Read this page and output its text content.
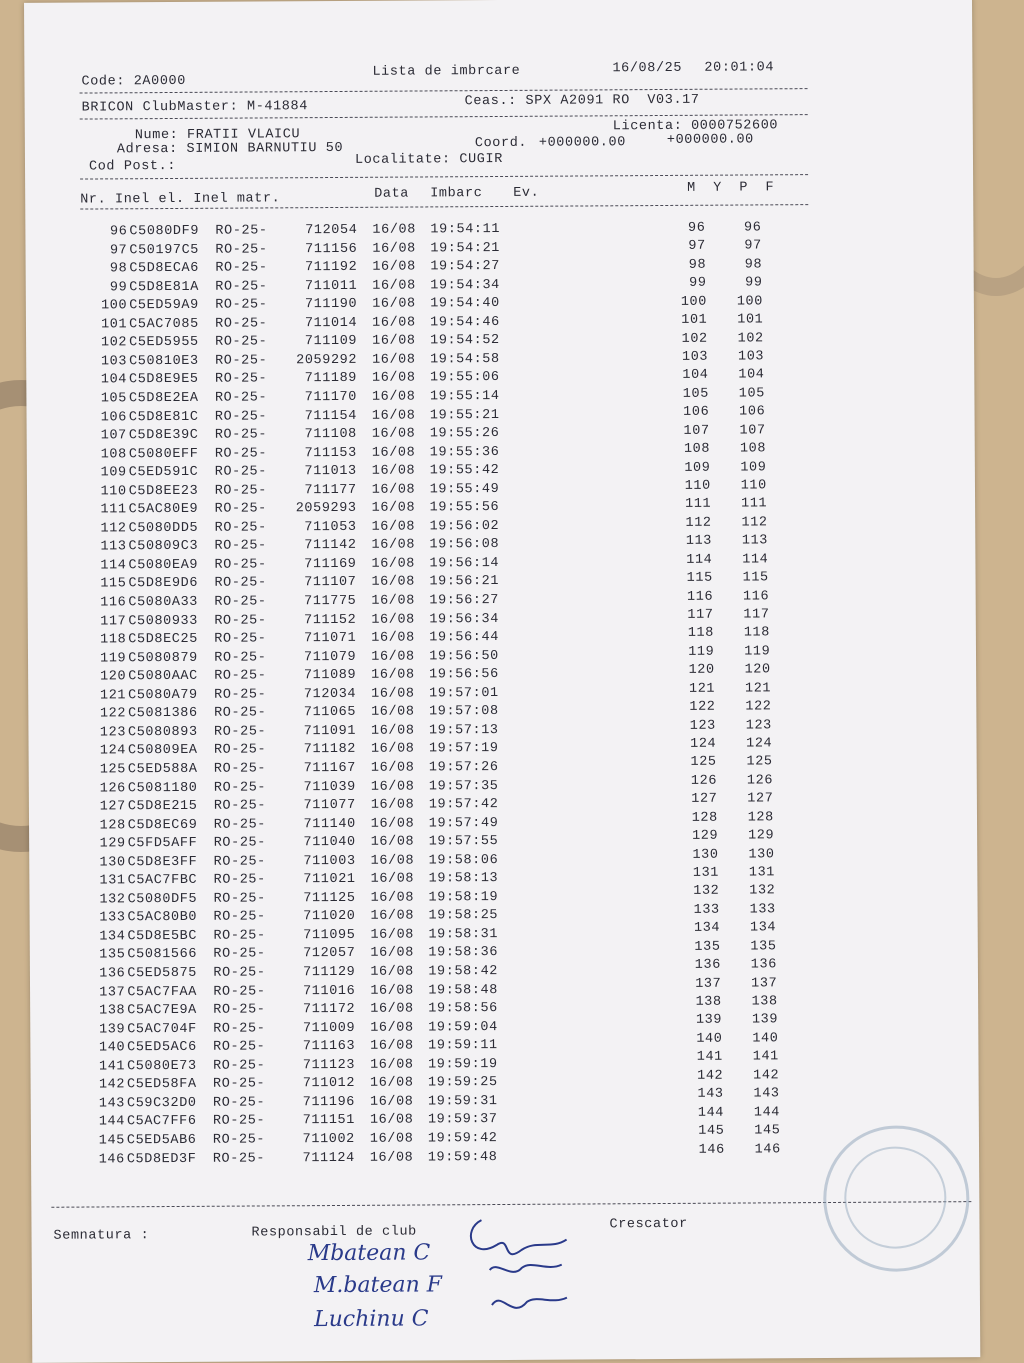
Code: 2A0000
Lista de imbrcare	16/08/25 20:01:04
BRICON ClubMaster: M-41884	Ceas.: SPX A2091 RO  V03.17
Nume: FRATII VLAICU
Licenta: 0000752600
Adresa: SIMION BARNUTIU 50	Coord. +000000.00	+000000.00
Cod Post.:	Localitate: CUGIR
Nr. Inel el. Inel matr.	Data Imbarc Ev.	M  Y  P  F
96 C5080DF9 RO-25-	712054 16/08 19:54:11	96	96
97 C50197C5 RO-25-	711156 16/08 19:54:21	97	97
98 C5D8ECA6 RO-25-	711192 16/08 19:54:27	98	98
99 C5D8E81A RO-25-	711011 16/08 19:54:34	99	99
100 C5ED59A9 RO-25-	711190 16/08 19:54:40	100	100
101 C5AC7085 RO-25-	711014 16/08 19:54:46	101	101
102 C5ED5955 RO-25-	711109 16/08 19:54:52	102	102
103 C50810E3 RO-25-	2059292 16/08 19:54:58	103	103
104 C5D8E9E5 RO-25-	711189 16/08 19:55:06	104	104
105 C5D8E2EA RO-25-	711170 16/08 19:55:14	105	105
106 C5D8E81C RO-25-	711154 16/08 19:55:21	106	106
107 C5D8E39C RO-25-	711108 16/08 19:55:26	107	107
108 C5080EFF RO-25-	711153 16/08 19:55:36	108	108
109 C5ED591C RO-25-	711013 16/08 19:55:42	109	109
110 C5D8EE23 RO-25-	711177 16/08 19:55:49	110	110
111 C5AC80E9 RO-25-	2059293 16/08 19:55:56	111	111
112 C5080DD5 RO-25-	711053 16/08 19:56:02	112	112
113 C50809C3 RO-25-	711142 16/08 19:56:08	113	113
114 C5080EA9 RO-25-	711169 16/08 19:56:14	114	114
115 C5D8E9D6 RO-25-	711107 16/08 19:56:21	115	115
116 C5080A33 RO-25-	711775 16/08 19:56:27	116	116
117 C5080933 RO-25-	711152 16/08 19:56:34	117	117
118 C5D8EC25 RO-25-	711071 16/08 19:56:44	118	118
119 C5080879 RO-25-	711079 16/08 19:56:50	119	119
120 C5080AAC RO-25-	711089 16/08 19:56:56	120	120
121 C5080A79 RO-25-	712034 16/08 19:57:01	121	121
122 C5081386 RO-25-	711065 16/08 19:57:08	122	122
123 C5080893 RO-25-	711091 16/08 19:57:13	123	123
124 C50809EA RO-25-	711182 16/08 19:57:19	124	124
125 C5ED588A RO-25-	711167 16/08 19:57:26	125	125
126 C5081180 RO-25-	711039 16/08 19:57:35	126	126
127 C5D8E215 RO-25-	711077 16/08 19:57:42	127	127
128 C5D8EC69 RO-25-	711140 16/08 19:57:49	128	128
129 C5FD5AFF RO-25-	711040 16/08 19:57:55	129	129
130 C5D8E3FF RO-25-	711003 16/08 19:58:06	130	130
131 C5AC7FBC RO-25-	711021 16/08 19:58:13	131	131
132 C5080DF5 RO-25-	711125 16/08 19:58:19	132	132
133 C5AC80B0 RO-25-	711020 16/08 19:58:25	133	133
134 C5D8E5BC RO-25-	711095 16/08 19:58:31	134	134
135 C5081566 RO-25-	712057 16/08 19:58:36	135	135
136 C5ED5875 RO-25-	711129 16/08 19:58:42	136	136
137 C5AC7FAA RO-25-	711016 16/08 19:58:48	137	137
138 C5AC7E9A RO-25-	711172 16/08 19:58:56	138	138
139 C5AC704F RO-25-	711009 16/08 19:59:04	139	139
140 C5ED5AC6 RO-25-	711163 16/08 19:59:11	140	140
141 C5080E73 RO-25-	711123 16/08 19:59:19	141	141
142 C5ED58FA RO-25-	711012 16/08 19:59:25	142	142
143 C59C32D0 RO-25-	711196 16/08 19:59:31	143	143
144 C5AC7FF6 RO-25-	711151 16/08 19:59:37	144	144
145 C5ED5AB6 RO-25-	711002 16/08 19:59:42	145	145
146 C5D8ED3F RO-25-	711124 16/08 19:59:48	146	146
Semnatura :	Responsabil de club	Crescator
Mbatean C
M.batean F
Luchinu C
